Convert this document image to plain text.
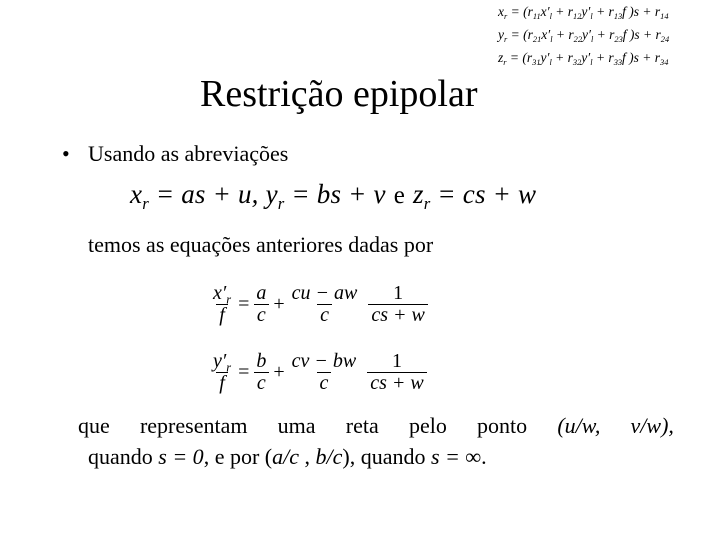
$x_r = (r_{11}x'_l + r_{12}y'_l + r_{13}f$ )$s + r_{14}$
$y_r = (r_{21}x'_l + r_{22}y'_l + r_{23}f$ )$s + r_{24}$
$z_r = (r_{31}y'_l + r_{32}y'_l + r_{33}f$ )$s + r_{34}$
Restrição epipolar
• Usando as abreviações
$x_r$ = as + u, $y_r$ = bs + v e $z_r$ = cs + w
temos as equações anteriores dadas por
$\frac{x'_r}{f} = \frac{a}{c} + \frac{cu - aw}{c} \frac{1}{cs + w}$
$\frac{y'_r}{f} = \frac{b}{c} + \frac{cv - bw}{c} \frac{1}{cs + w}$
que representam uma reta pelo ponto (u/w, v/w),
quando s = 0, e por (a/c , b/c), quando s = ∞.
